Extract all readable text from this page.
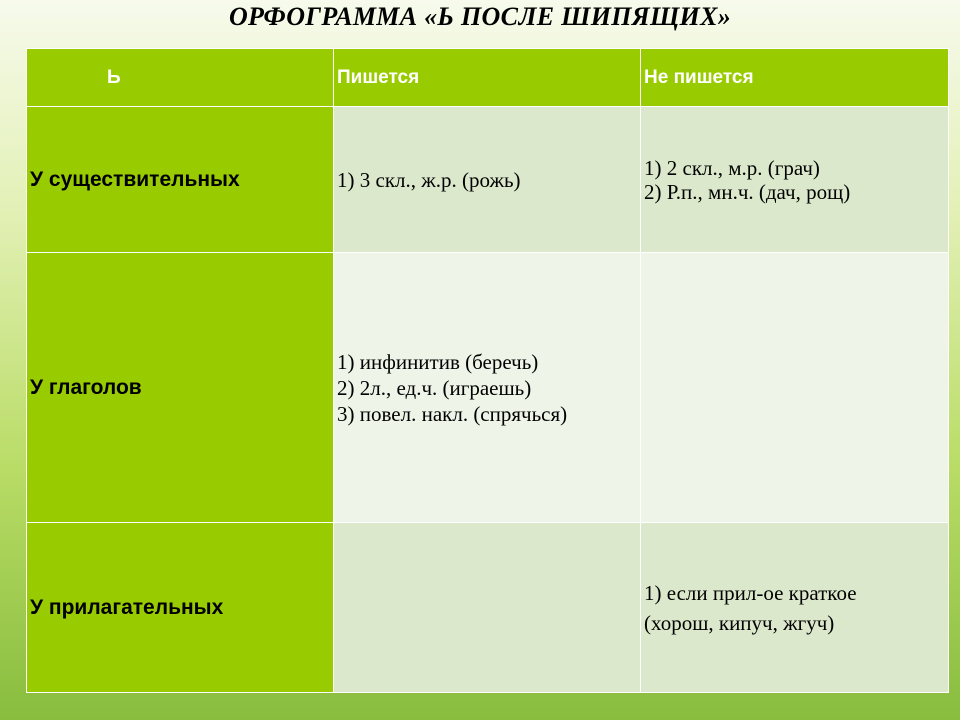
ОРФОГРАММА «Ь ПОСЛЕ ШИПЯЩИХ»
Ь	Пишется	Не пишется
У существительных	1) 3 скл., ж.р. (рожь)	1) 2 скл., м.р. (грач)
2) Р.п., мн.ч. (дач, рощ)

У глаголов	1) инфинитив (беречь)
2) 2л., ед.ч. (играешь)
3) повел. накл. (спрячься)	

У прилагательных		1) если прил-ое краткое
(хорош, кипуч, жгуч)
